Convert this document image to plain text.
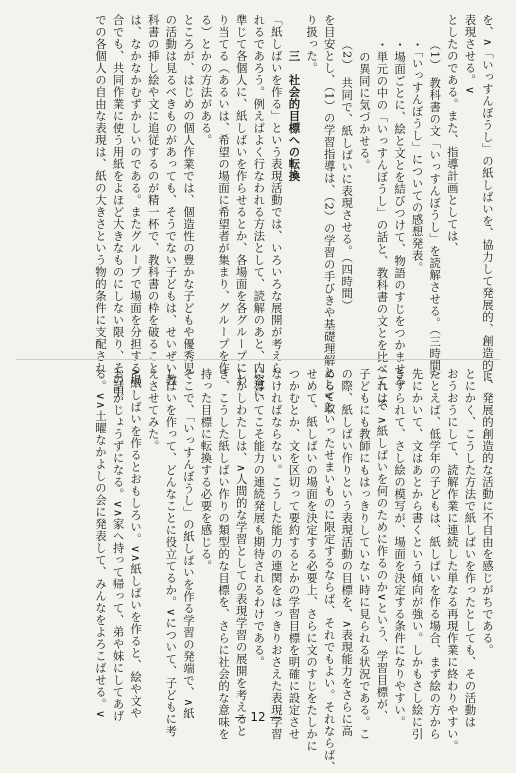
を、∧「いっすんぼうし」の紙しばいを、協力して発展的、創造的に

表現させる。∨

としたのである。また、指導計画としては、

（1）　教科書の文「いっすんぼうし」を読解させる。（三時間）

・「いっすんぼうし」についての感想発表。

・場面ごとに、絵と文とを結びつけて、物語のすじをつかませる

・単元の中の「いっすんぼうし」の話と、教科書の文とを比べて、そ

　の異同に気づかせる。

（2）　共同で、紙しばいに表現させる。（四時間）

を目安とし、（1）の学習指導は、（2）の学習の手びきや基礎理解として取

り扱った。

三　社会的目標への転換

「紙しばいを作る」という表現活動では、いろいろな展開が考えら

れるであろう。例えばよく行なわれる方法として、読解のあと、内容に

準じて各個人に、紙しばいを作らせるとか、各場面を各グループにわ

り当てる（あるいは、希望の場面に希望者が集まり、グループを作

る）とかの方法がある。

ところが、はじめの個人作業では、個造性の豊かな子どもや優秀児

の活動は見るべきものがあっても、そうでない子どもは、せいぜい教

科書の挿し絵や文に追従するのが精一杯で、教科書の枠を破ること

は、なかなかむずかしいのである。またグループで場面を分担する場

合でも、共同作業に使う用紙をよほど大きなものにしない限り、その中

での各個人の自由な表現は、紙の大きさという物的条件に支配され

て、発展的創造的な活動に不自由を感じがちである。

とにかく、こうした方法で紙しばいを作ったとしても、その活動は

おうおうにして、読解作業に連続した単なる再現作業に終わりやすい。

たとえば、低学年の子どもは、紙しばいを作る場合、まず絵の方から

先にかいて、文はあとから書くという傾向が強い。しかもさし絵に引

きずられて、さし絵の模写が、場面を決定する条件になりやすい。

これは、∧紙しばいを何のために作るのか∨という、学習目標が、

子どもにも教師にもはっきりしていない時に見られる状況である。こ

の際、紙しばい作りという表現活動の目標を、∧表現能力をさらに高

める∨といったせまいものに限定するならば、それでもよい。それならば、

せめて、紙しばいの場面を決定する必要上、さらに文のすじをたしかに

つかむとか、文を区切って要約するとかの学習目標を明確に設定させ

なければならない。こうした能力の連関をはっきりおさえた表現学習

に導いてこそ能力の連続発展も期待されるわけである。

しかしわたしは、∧人間的な学習としての表現学習の展開を考えると

き、こうした紙しばい作りの類型的な目標を、さらに社会的な意味を

持った目標に転換する必要を感じる。

そこで、「いっすんぼうし」の紙しばいを作る学習の発端で、∧紙

しばいを作って、どんなことに役立てるか。∨について、子どもに考

えさせてみた。

∧紙しばいを作るとおもしろい。∨∧紙しばいを作ると、絵や文や

お話がじょうずになる。∨∧家へ持って帰って、弟や妹にしてあげ

る。∨∧土曜なかよしの会に発表して、みんなをよろこばせる。∨	— 12 —
